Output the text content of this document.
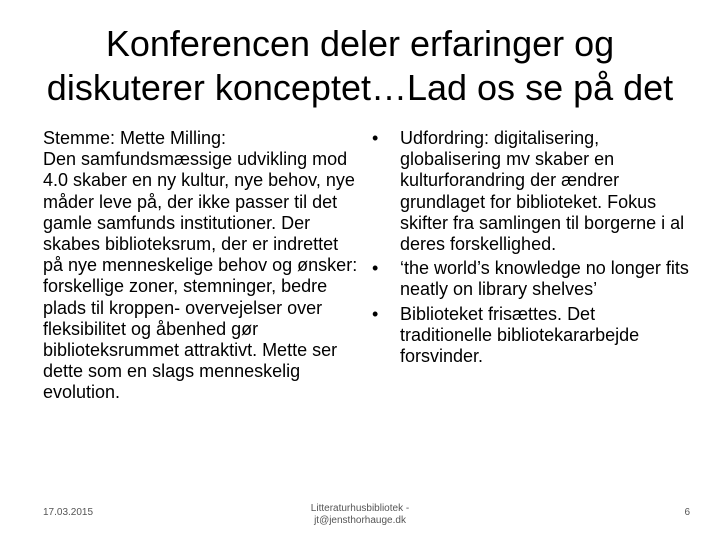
Konferencen deler erfaringer og
diskuterer konceptet…Lad os se på det
Stemme: Mette Milling:
Den samfundsmæssige udvikling mod 4.0 skaber en ny kultur, nye behov, nye måder leve på, der ikke passer til det gamle samfunds institutioner. Der skabes biblioteksrum, der er indrettet på nye menneskelige behov og ønsker: forskellige zoner, stemninger, bedre plads til kroppen- overvejelser over fleksibilitet og åbenhed gør biblioteksrummet attraktivt. Mette ser dette som en slags menneskelig evolution.
• Udfordring: digitalisering, globalisering mv skaber en kulturforandring der ændrer grundlaget for biblioteket. Fokus skifter fra samlingen til borgerne i al deres forskellighed.
• ‘the world’s knowledge no longer fits neatly on library shelves’
• Biblioteket frisættes. Det traditionelle bibliotekararbejde forsvinder.
17.03.2015	Litteraturhusbibliotek -
jt@jensthorhauge.dk
6
